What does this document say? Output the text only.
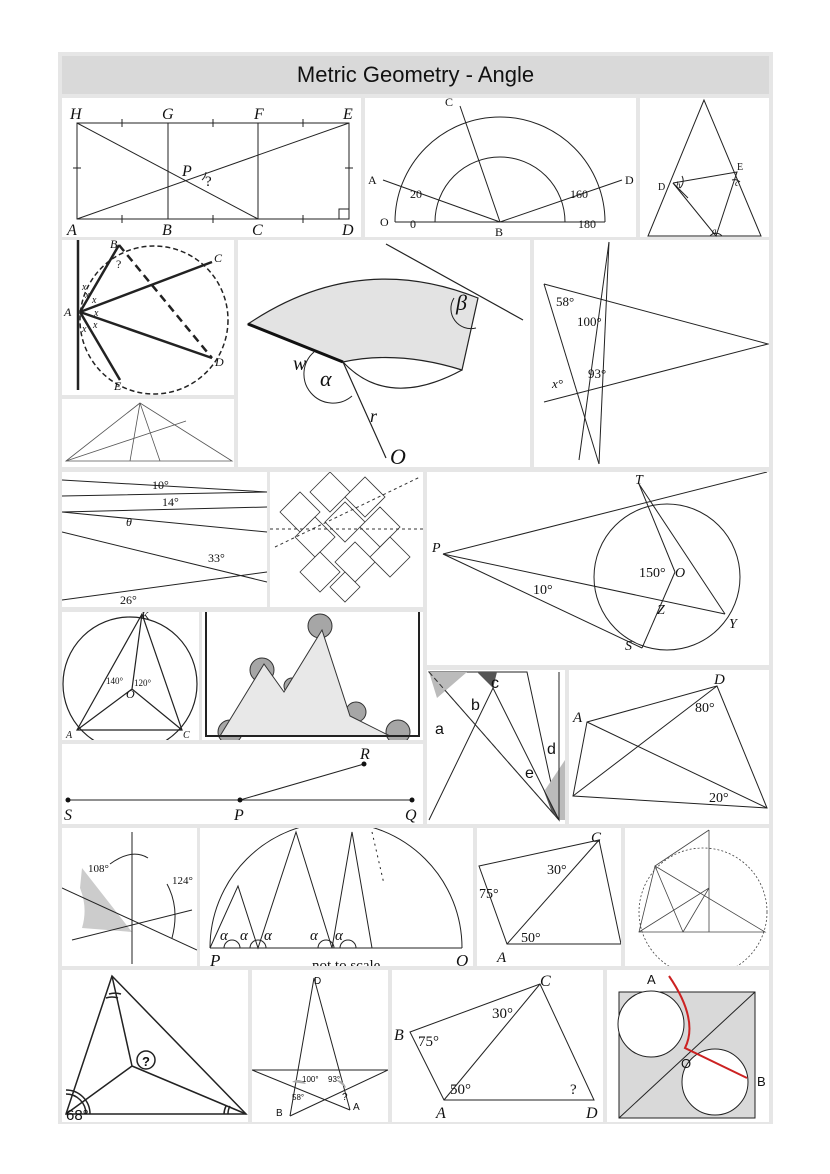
Metric Geometry - Angle
H	G	F	E
A	B	C	D
P
?
C
A	D
O
B
20	160
0	180
D
E
h	c
a
B
C
A
D
E
?
x
x x
x
x
x
β
w
α
r
O
58°
100°
93°
x°
10°
14°
θ
33°
26°
T
P
150° O
10°
Z
Y
S
K
140° 120°
O
A	C
R
S	P	Q
c
b
a
d
e
D
A
80°
20°
108°
124°
α α α	α α
P	O
C
30°
75°
50°
A
?
68°
D
100° 93°
58°	?
B
A
C
B 75°
30°
50°	?
A	D
A
O
B
